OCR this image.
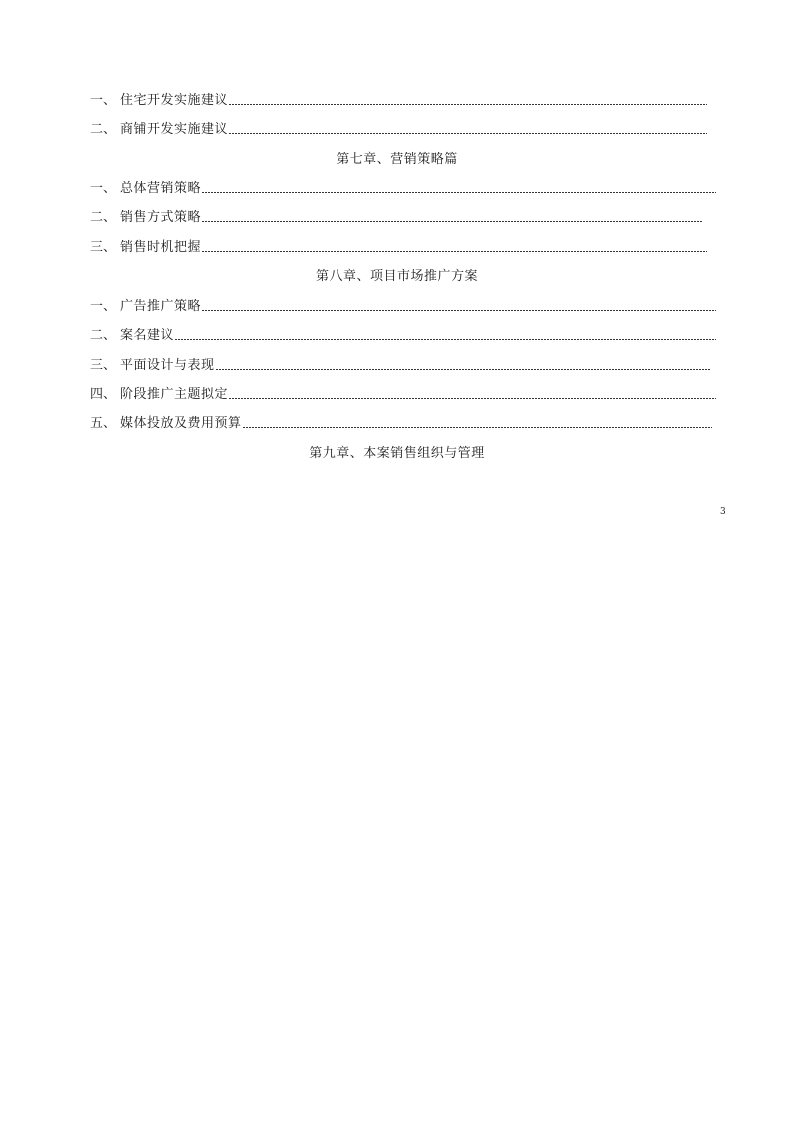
一、 住宅开发实施建议
二、 商铺开发实施建议
第七章、营销策略篇
一、 总体营销策略
二、 销售方式策略
三、 销售时机把握
第八章、项目市场推广方案
一、 广告推广策略
二、 案名建议
三、 平面设计与表现
四、 阶段推广主题拟定
五、 媒体投放及费用预算
第九章、本案销售组织与管理
3
